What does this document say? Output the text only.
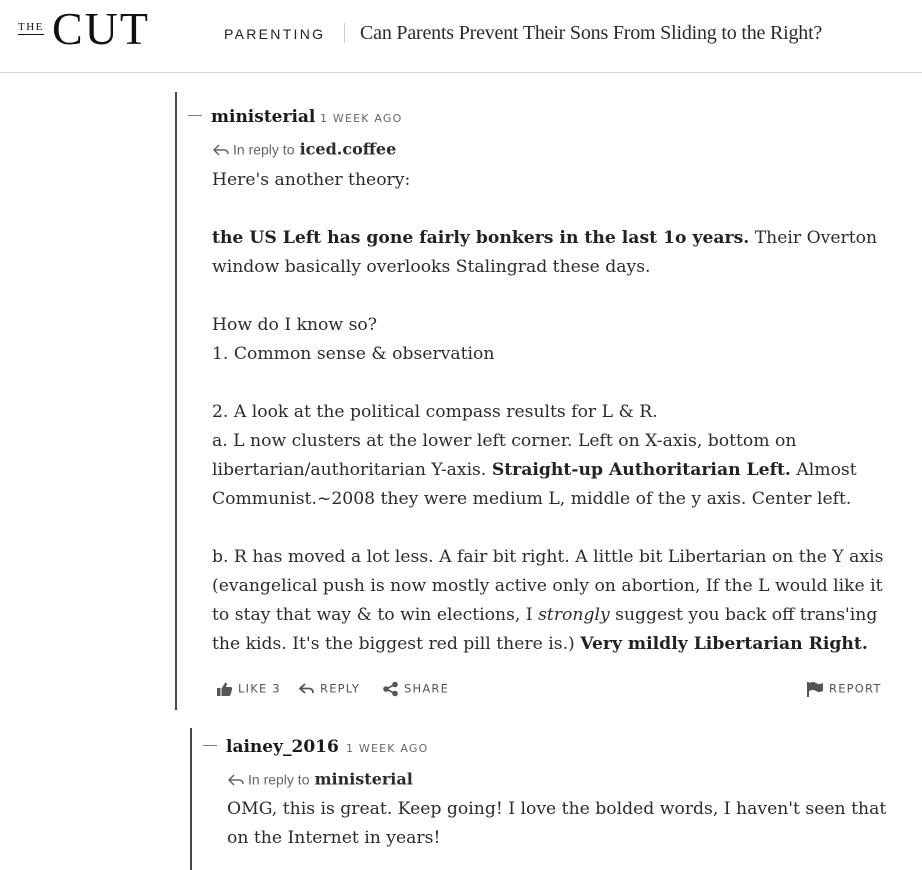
THE CUT	PARENTING Can Parents Prevent Their Sons From Sliding to the Right?
ministerial 1 WEEK AGO
In reply to iced.coffee
Here's another theory:
the US Left has gone fairly bonkers in the last 1o years. Their Overton
window basically overlooks Stalingrad these days.
How do I know so?
1. Common sense & observation
2. A look at the political compass results for L & R.
a. L now clusters at the lower left corner. Left on X-axis, bottom on
libertarian/authoritarian Y-axis. Straight-up Authoritarian Left. Almost
Communist.~2008 they were medium L, middle of the y axis. Center left.
b. R has moved a lot less. A fair bit right. A little bit Libertarian on the Y axis
(evangelical push is now mostly active only on abortion, If the L would like it
to stay that way & to win elections, I strongly suggest you back off trans'ing
the kids. It's the biggest red pill there is.) Very mildly Libertarian Right.
LIKE 3	REPLY	SHARE	REPORT
lainey_2016 1 WEEK AGO
In reply to ministerial
OMG, this is great. Keep going! I love the bolded words, I haven't seen that
on the Internet in years!
